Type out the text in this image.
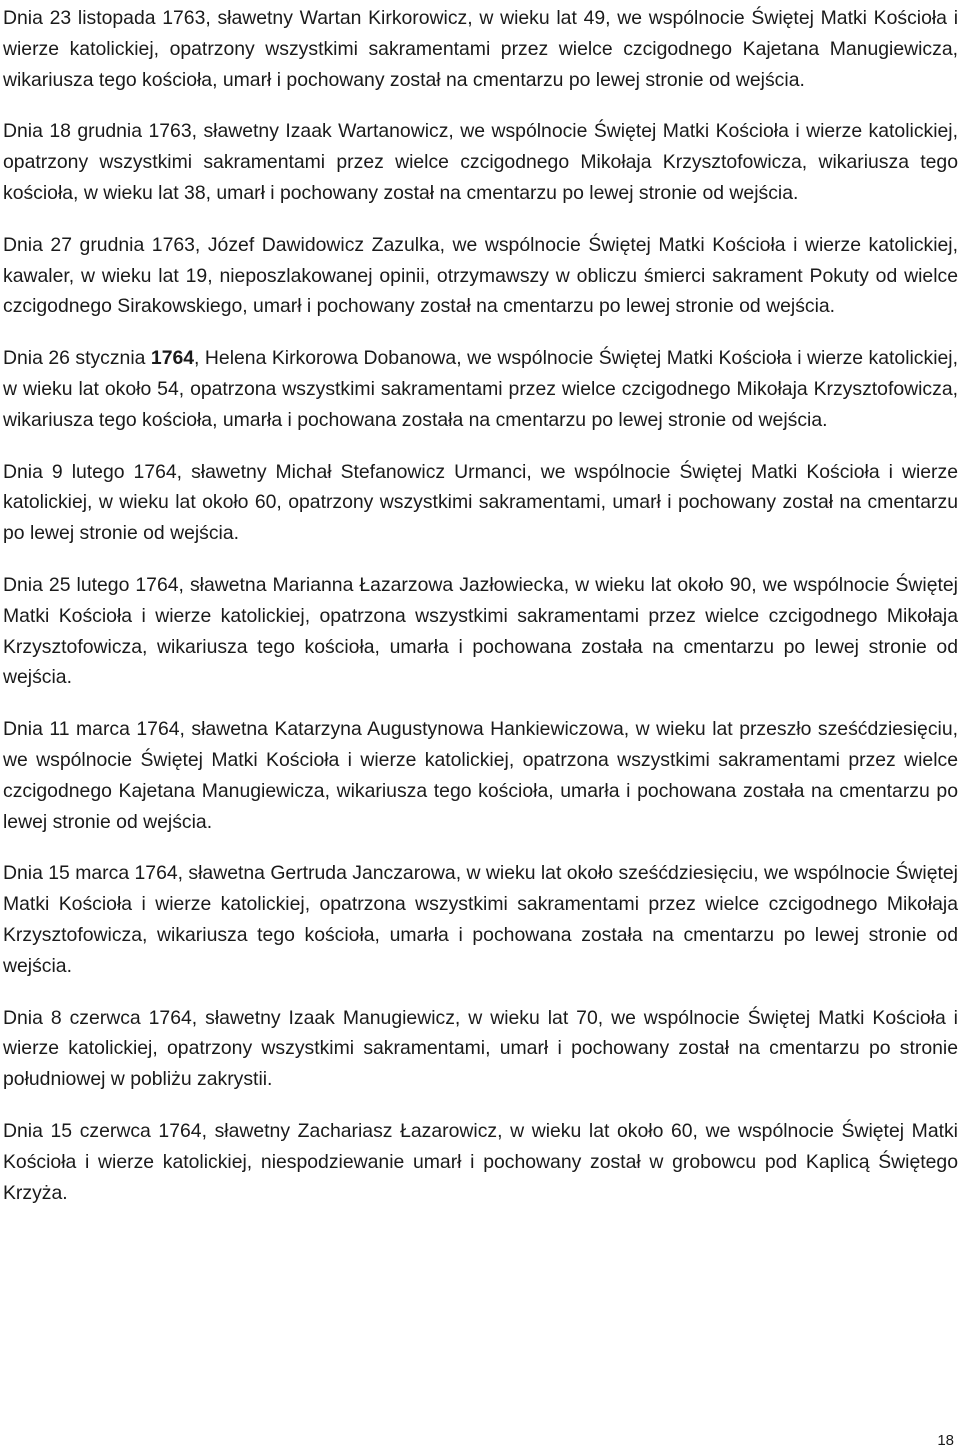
Dnia 23 listopada 1763, sławetny Wartan Kirkorowicz, w wieku lat 49, we wspólnocie Świętej Matki Kościoła i wierze katolickiej, opatrzony wszystkimi sakramentami przez wielce czcigodnego Kajetana Manugiewicza, wikariusza tego kościoła, umarł i pochowany został na cmentarzu po lewej stronie od wejścia.

Dnia 18 grudnia 1763, sławetny Izaak Wartanowicz, we wspólnocie Świętej Matki Kościoła i wierze katolickiej, opatrzony wszystkimi sakramentami przez wielce czcigodnego Mikołaja Krzysztofowicza, wikariusza tego kościoła, w wieku lat 38, umarł i pochowany został na cmentarzu po lewej stronie od wejścia.

Dnia 27 grudnia 1763, Józef Dawidowicz Zazulka, we wspólnocie Świętej Matki Kościoła i wierze katolickiej, kawaler, w wieku lat 19, nieposzlakowanej opinii, otrzymawszy w obliczu śmierci sakrament Pokuty od wielce czcigodnego Sirakowskiego, umarł i pochowany został na cmentarzu po lewej stronie od wejścia.

Dnia 26 stycznia 1764, Helena Kirkorowa Dobanowa, we wspólnocie Świętej Matki Kościoła i wierze katolickiej, w wieku lat około 54, opatrzona wszystkimi sakramentami przez wielce czcigodnego Mikołaja Krzysztofowicza, wikariusza tego kościoła, umarła i pochowana została na cmentarzu po lewej stronie od wejścia.

Dnia 9 lutego 1764, sławetny Michał Stefanowicz Urmanci, we wspólnocie Świętej Matki Kościoła i wierze katolickiej, w wieku lat około 60, opatrzony wszystkimi sakramentami, umarł i pochowany został na cmentarzu po lewej stronie od wejścia.

Dnia 25 lutego 1764, sławetna Marianna Łazarzowa Jazłowiecka, w wieku lat około 90, we wspólnocie Świętej Matki Kościoła i wierze katolickiej, opatrzona wszystkimi sakramentami przez wielce czcigodnego Mikołaja Krzysztofowicza, wikariusza tego kościoła, umarła i pochowana została na cmentarzu po lewej stronie od wejścia.

Dnia 11 marca 1764, sławetna Katarzyna Augustynowa Hankiewiczowa, w wieku lat przeszło sześćdziesięciu, we wspólnocie Świętej Matki Kościoła i wierze katolickiej, opatrzona wszystkimi sakramentami przez wielce czcigodnego Kajetana Manugiewicza, wikariusza tego kościoła, umarła i pochowana została na cmentarzu po lewej stronie od wejścia.

Dnia 15 marca 1764, sławetna Gertruda Janczarowa, w wieku lat około sześćdziesięciu, we wspólnocie Świętej Matki Kościoła i wierze katolickiej, opatrzona wszystkimi sakramentami przez wielce czcigodnego Mikołaja Krzysztofowicza, wikariusza tego kościoła, umarła i pochowana została na cmentarzu po lewej stronie od wejścia.

Dnia 8 czerwca 1764, sławetny Izaak Manugiewicz, w wieku lat 70, we wspólnocie Świętej Matki Kościoła i wierze katolickiej, opatrzony wszystkimi sakramentami, umarł i pochowany został na cmentarzu po stronie południowej w pobliżu zakrystii.

Dnia 15 czerwca 1764, sławetny Zachariasz Łazarowicz, w wieku lat około 60, we wspólnocie Świętej Matki Kościoła i wierze katolickiej, niespodziewanie umarł i pochowany został w grobowcu pod Kaplicą Świętego Krzyża.

18
